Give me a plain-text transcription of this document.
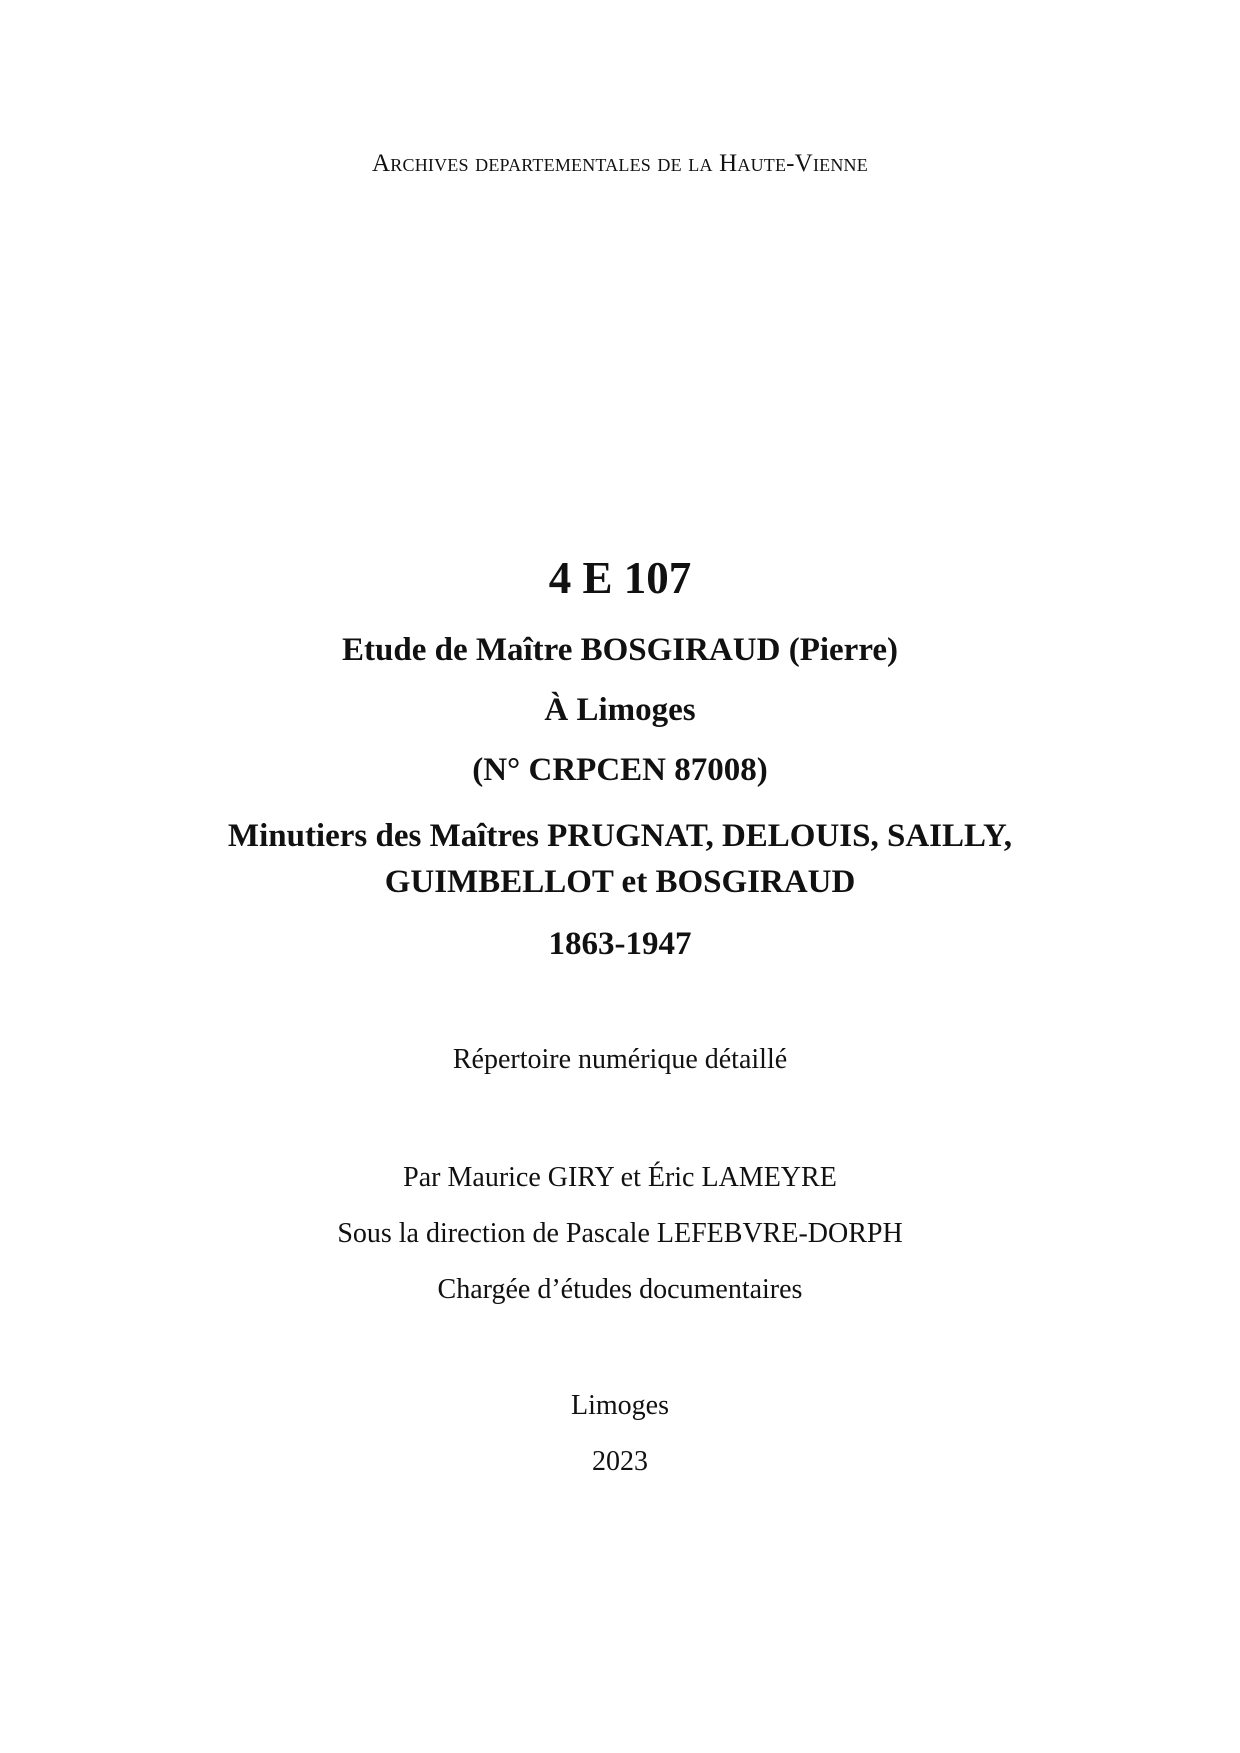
Archives departementales de la Haute-Vienne
4 E 107
Etude de Maître BOSGIRAUD (Pierre)
À Limoges
(N° CRPCEN 87008)
Minutiers des Maîtres PRUGNAT, DELOUIS, SAILLY,
GUIMBELLOT et BOSGIRAUD
1863-1947
Répertoire numérique détaillé
Par Maurice GIRY et Éric LAMEYRE
Sous la direction de Pascale LEFEBVRE-DORPH
Chargée d’études documentaires
Limoges
2023
